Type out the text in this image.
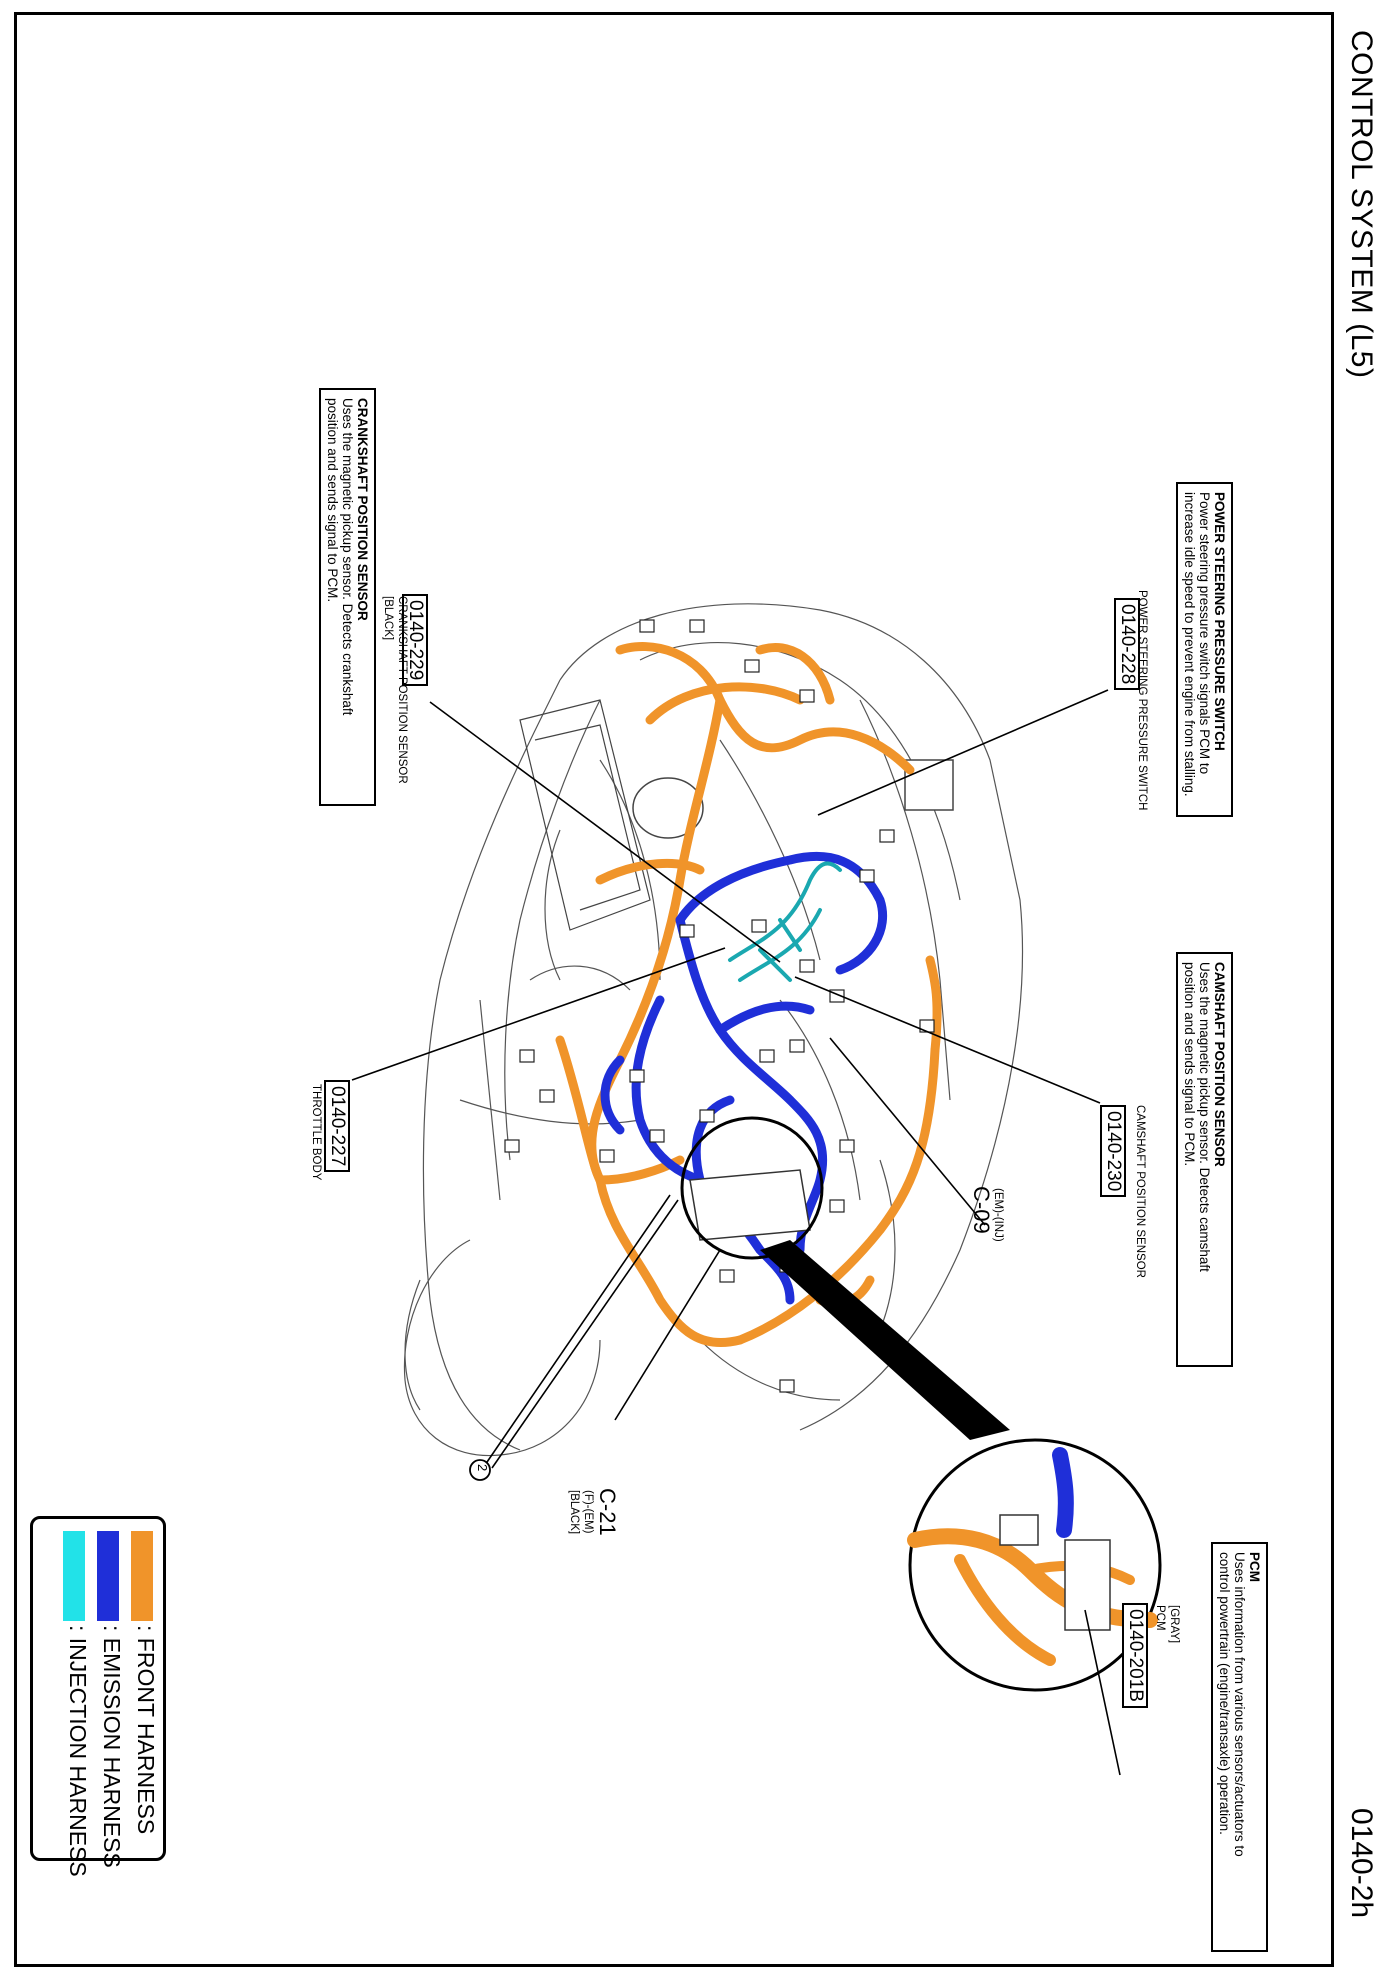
CONTROL SYSTEM (L5)
0140-2h
POWER STEERING PRESSURE SWITCH
Power steering pressure switch signals PCM to
increase idle speed to prevent engine from stalling.
0140-228
POWER STEERING PRESSURE SWITCH
CRANKSHAFT POSITION SENSOR
Uses the magnetic pickup sensor. Detects crankshaft
position and sends signal to PCM.
0140-229
CRANKSHAFT POSITION SENSOR
[BLACK]
CAMSHAFT POSITION SENSOR
Uses the magnetic pickup sensor. Detects camshaft
position and sends signal to PCM.
0140-230 CAMSHAFT POSITION SENSOR
0140-227
THROTTLE BODY
(EM)-(INJ)
C-09
C-21
(F)-(EM)
[BLACK]
2
PCM
Uses information from various sensors/actuators to
control powertrain (engine/transaxle) operation.
[GRAY]
PCM
0140-201B
: FRONT HARNESS
: EMISSION HARNESS
: INJECTION HARNESS
